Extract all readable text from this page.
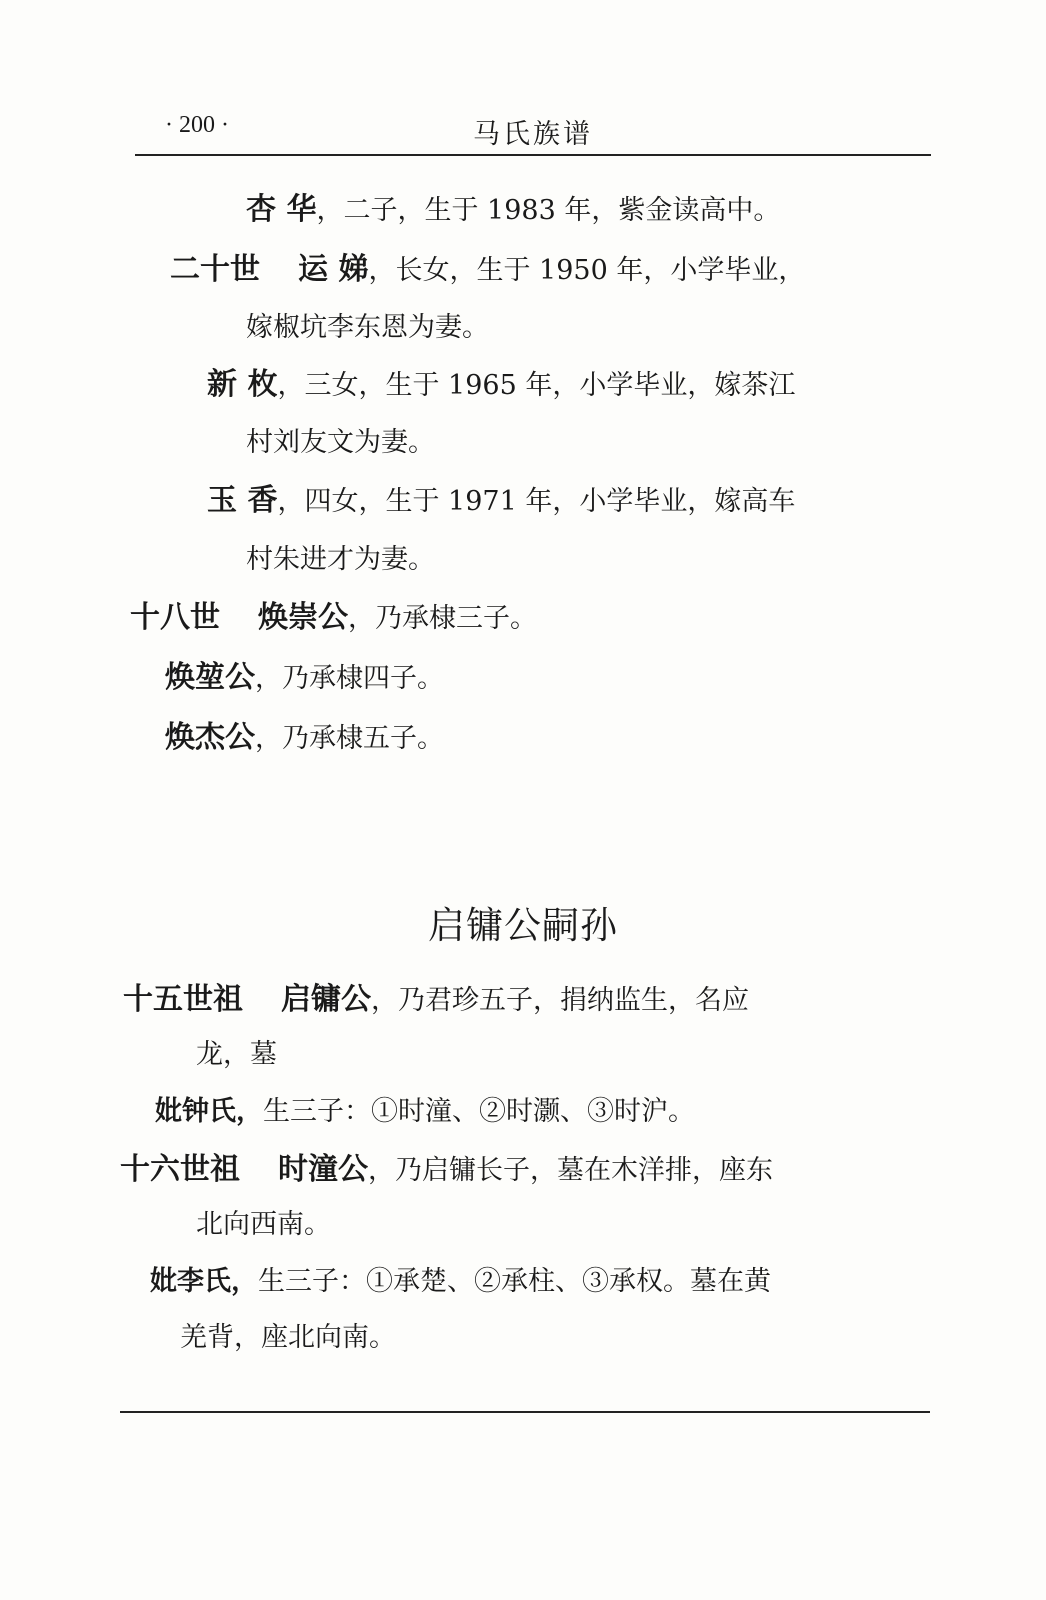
· 200 ·	马氏族谱
杏 华，二子，生于 1983 年，紫金读高中。
二十世 运 娣，长女，生于 1950 年，小学毕业，
嫁椒坑李东恩为妻。
新 枚，三女，生于 1965 年，小学毕业，嫁茶江
村刘友文为妻。
玉 香，四女，生于 1971 年，小学毕业，嫁高车
村朱进才为妻。
十八世 焕崇公，乃承棣三子。
焕堃公，乃承棣四子。
焕杰公，乃承棣五子。
启镛公嗣孙
十五世祖 启镛公，乃君珍五子，捐纳监生，名应
龙，墓
妣钟氏，生三子：①时潼、②时灏、③时沪。
十六世祖 时潼公，乃启镛长子，墓在木洋排，座东
北向西南。
妣李氏，生三子：①承楚、②承柱、③承权。墓在黄
羌背，座北向南。
